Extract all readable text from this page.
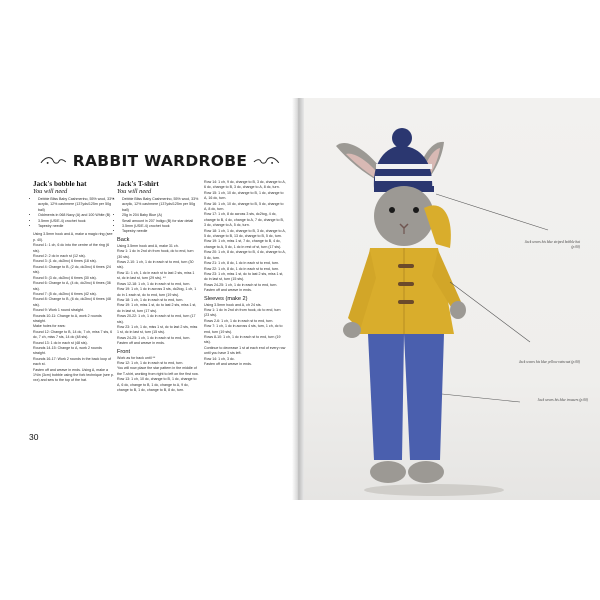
RABBIT WARDROBE
Jack's bobble hat
You will need
• Debbie Bliss Baby Cashmerino, 55% wool, 33% acrylic, 12% cashmere (137yds/125m per 50g ball)
• Oddments in 068 Navy (A) and 100 White (B)
• 3.5mm (US/E-4) crochet hook
• Tapestry needle

Using 3.5mm hook and A, make a magic ring (see p. 40).

Round 1: 1 ch, 6 dc into the centre of the ring (6 sts).

Round 2: 2 dc in each st (12 sts).

Round 3: (1 dc, dc2inc) 6 times (18 sts).

Round 4: Change to B, (2 dc, dc2inc) 6 times (24 sts).

Round 5: (3 dc, dc2inc) 6 times (30 sts).

Round 6: Change to A, (4 dc, dc2inc) 6 times (36 sts).

Round 7: (5 dc, dc2inc) 6 times (42 sts).

Round 8: Change to B, (6 dc, dc2inc) 6 times (48 sts).

Round 9: Work 1 round straight.

Rounds 10-11: Change to A, work 2 rounds straight.

Make holes for ears:

Round 12: Change to B, 14 dc, 7 ch, miss 7 sts, 6 dc, 7 ch, miss 7 sts, 14 dc (48 sts).

Round 13: 1 dc in each st (48 sts).

Rounds 14-15: Change to A, work 2 rounds straight.

Rounds 16-17: Work 2 rounds in the back loop of each st.

Fasten off and weave in ends. Using A, make a 1½in (3cm) bobble using the fork technique (see p. xxx) and sew to the top of the hat.

Jack's T-shirt
You will need
• Debbie Bliss Baby Cashmerino, 55% wool, 33% acrylic, 12% cashmere (137yds/125m per 50g ball)
• 25g in 204 Baby Blue (A)
• Small amount in 207 Indigo (B) for star detail
• 3.5mm (US/E-4) crochet hook
• Tapestry needle
Back

Using 3.5mm hook and A, make 31 ch.

Row 1: 1 dc in 2nd ch from hook, dc to end, turn (30 sts).

Rows 2-10: 1 ch, 1 dc in each st to end, turn (30 sts).

Row 11: 1 ch, 1 dc in each st to last 2 sts, miss 1 st, dc in last st, turn (29 sts). **

Rows 12-18: 1 ch, 1 dc in each st to end, turn.

Row 19: 1 ch, 1 dc in across 3 sts, dc2tog, 1 ch, 1 dc in 1 each st, dc to end, turn (19 sts).

Row 18: 1 ch, 1 dc in each st to end, turn.

Row 19: 1 ch, miss 1 st, dc to last 2 sts, miss 1 st, dc in last st, turn (17 sts).

Rows 20-22: 1 ch, 1 dc in each st to end, turn (17 sts).

Row 23: 1 ch, 1 dc, miss 1 st, dc to last 2 sts, miss 1 st, dc in last st, turn (15 sts).

Rows 24-25: 1 ch, 1 dc in each st to end, turn.

Fasten off and weave in ends.

Front

Work as for back until **

Row 12: 1 ch, 1 dc in each st to end, turn.

You will now place the star pattern in the middle of the T-shirt, working from right to left on the first row.

Row 13: 1 ch, 10 dc, change to B, 1 dc, change to A, 6 dc, change to B, 1 dc, change to A, 9 dc, change to B, 1 dc, change to B, 8 dc, turn.

Row 14: 1 ch, 9 dc, change to B, 3 dc, change to A, 6 dc, change to B, 3 dc, change to A, 8 dc, turn.

Row 15: 1 ch, 10 dc, change to B, 1 dc, change to A, 16 dc, turn.

Row 16: 1 ch, 10 dc, change to B, 5 dc, change to A, 8 dc, turn.

Row 17: 1 ch, 8 dc across 3 sts, dc2tog, 4 dc, change to B, 4 dc, change to A, 7 dc, change to B, 3 dc, change to A, 5 dc, turn.

Row 18: 1 ch, 1 dc, change to B, 3 dc, change to A, 5 dc, change to B, 13 dc, change to B, 5 dc, turn.

Row 19: 1 ch, miss 1 st, 7 dc, change to B, 4 dc, change to A, 5 dc, 1 dc in rest of st, turn (17 sts).

Row 20: 1 ch, 8 dc, change to B, 4 dc, change to A, 5 dc, turn.

Row 21: 1 ch, 8 dc, 1 dc in each st to end, turn.

Row 22: 1 ch, 8 dc, 1 dc in each st to end, turn.

Row 23: 1 ch, miss 1 st, dc to last 2 sts, miss 1 st, dc in last st, turn (15 sts).

Rows 24-25: 1 ch, 1 dc in each st to end, turn.

Fasten off and weave in ends.

Sleeves (make 2)

Using 3.5mm hook and A, ch 24 sts.

Row 1: 1 dc in 2nd ch from hook, dc to end, turn (23 sts).

Rows 2-6: 1 ch, 1 dc in each st to end, turn.

Row 7: 1 ch, 1 dc in across 4 sts, turn, 1 ch, dc to end, turn (19 sts).

Rows 8-10: 1 ch, 1 dc in each st to end, turn (19 sts).

Continue to decrease 1 st at each end of every row until you have 3 sts left.

Row 14: 1 ch, 3 dc.

Fasten off and weave in ends.

30
Jack wears his blue striped bobble hat (p.00)
Jack wears his blue yellow raincoat (p.00)
Jack wears his blue trousers (p.00)
